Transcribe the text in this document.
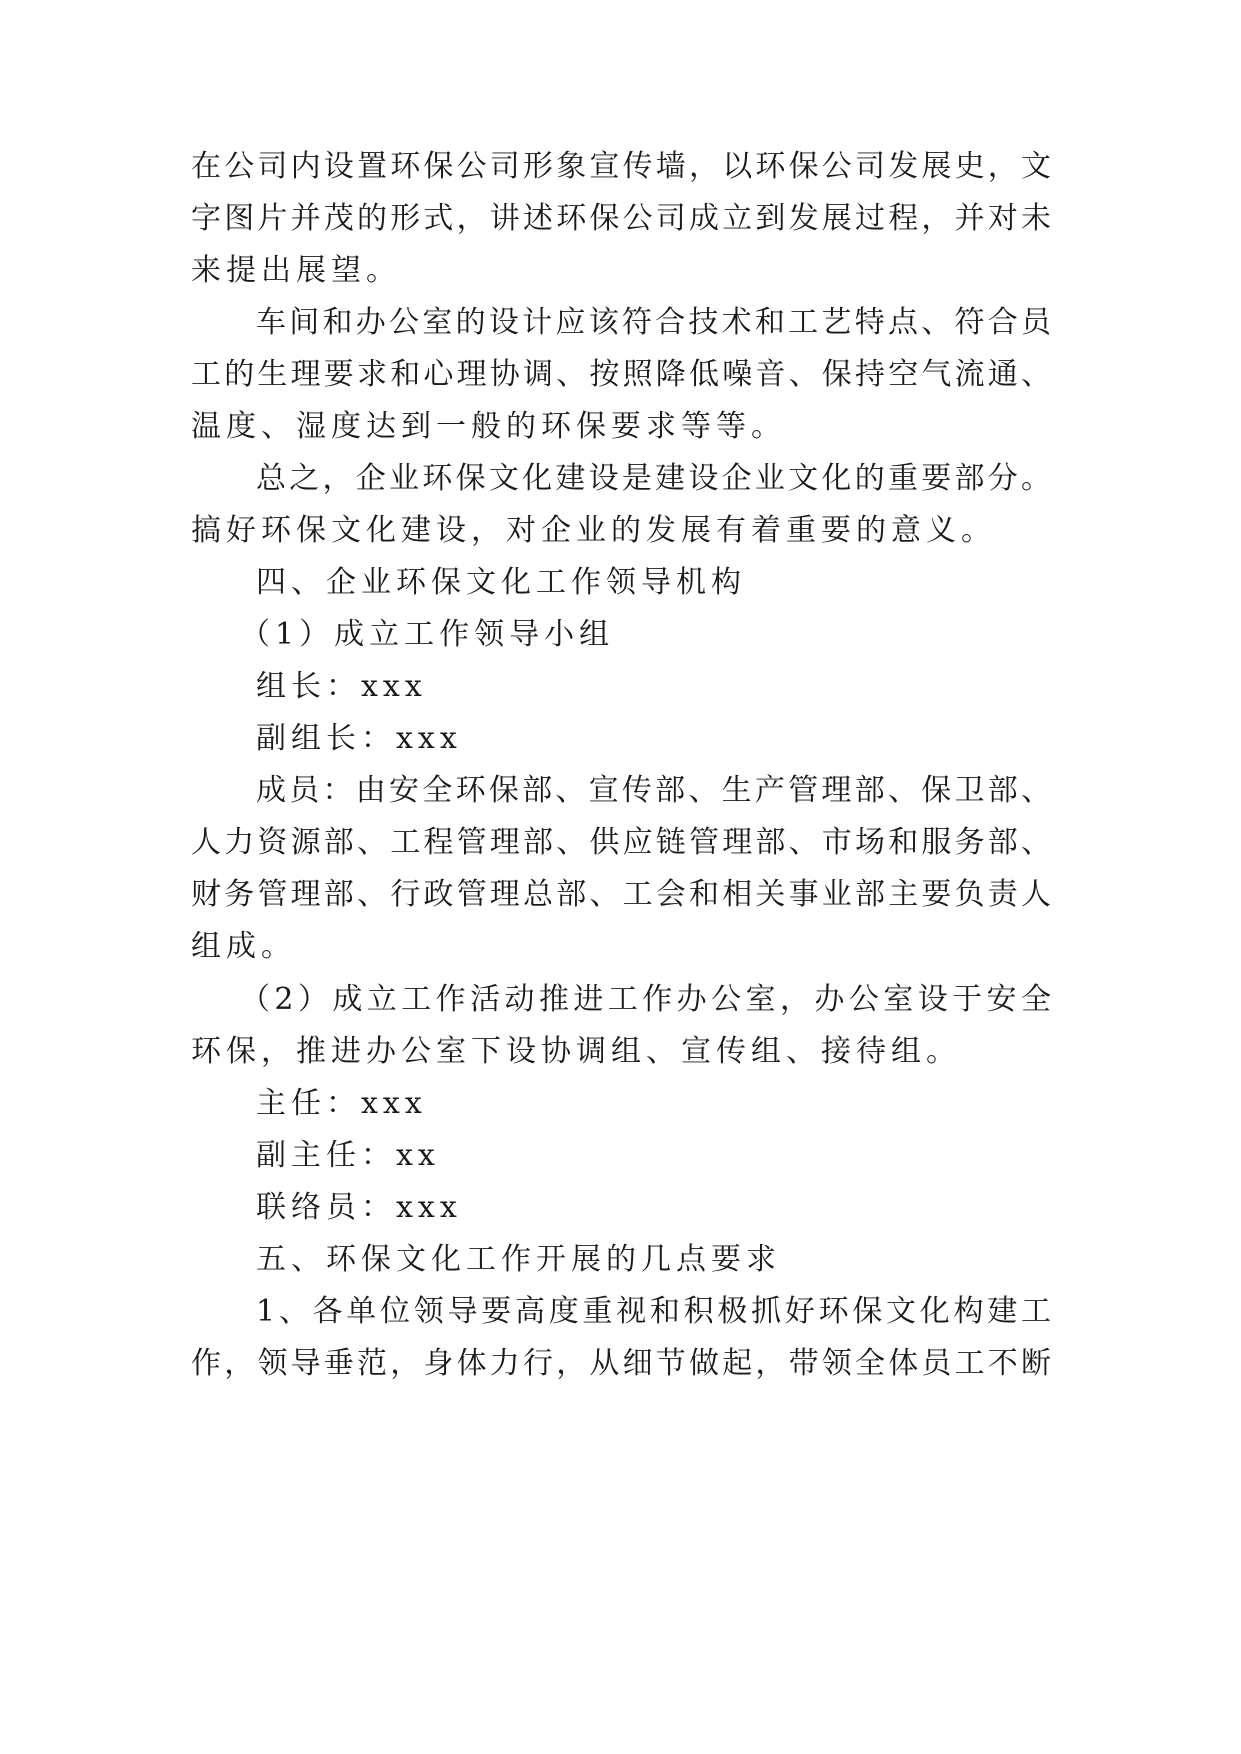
在公司内设置环保公司形象宣传墙，以环保公司发展史，文
字图片并茂的形式，讲述环保公司成立到发展过程，并对未
来提出展望。
车间和办公室的设计应该符合技术和工艺特点、符合员
工的生理要求和心理协调、按照降低噪音、保持空气流通、
温度、湿度达到一般的环保要求等等。
总之，企业环保文化建设是建设企业文化的重要部分。
搞好环保文化建设，对企业的发展有着重要的意义。
四、企业环保文化工作领导机构
（1）成立工作领导小组
组长：xxx
副组长：xxx
成员：由安全环保部、宣传部、生产管理部、保卫部、
人力资源部、工程管理部、供应链管理部、市场和服务部、
财务管理部、行政管理总部、工会和相关事业部主要负责人
组成。
（2）成立工作活动推进工作办公室，办公室设于安全
环保，推进办公室下设协调组、宣传组、接待组。
主任：xxx
副主任：xx
联络员：xxx
五、环保文化工作开展的几点要求
1、各单位领导要高度重视和积极抓好环保文化构建工
作，领导垂范，身体力行，从细节做起，带领全体员工不断
